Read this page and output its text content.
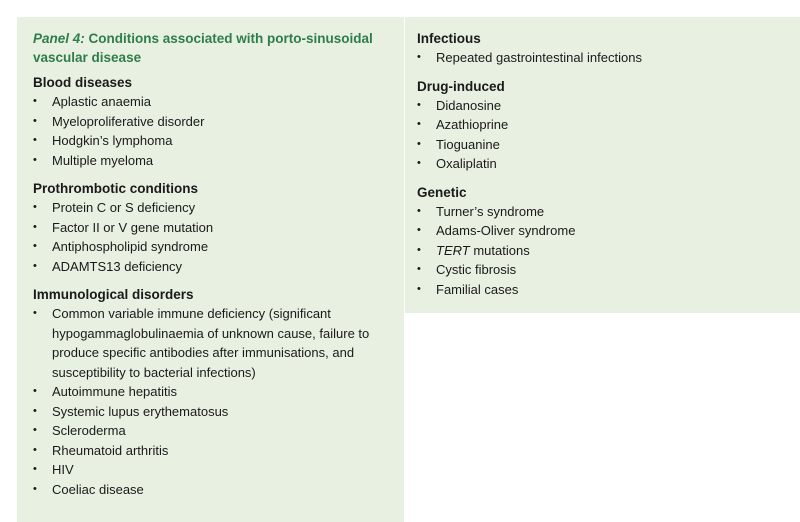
Panel 4: Conditions associated with porto-sinusoidal vascular disease
Blood diseases
• Aplastic anaemia
• Myeloproliferative disorder
• Hodgkin’s lymphoma
• Multiple myeloma
Prothrombotic conditions
• Protein C or S deficiency
• Factor II or V gene mutation
• Antiphospholipid syndrome
• ADAMTS13 deficiency
Immunological disorders
• Common variable immune deficiency (significant hypogammaglobulinaemia of unknown cause, failure to produce specific antibodies after immunisations, and susceptibility to bacterial infections)
• Autoimmune hepatitis
• Systemic lupus erythematosus
• Scleroderma
• Rheumatoid arthritis
• HIV
• Coeliac disease
Infectious
• Repeated gastrointestinal infections
Drug-induced
• Didanosine
• Azathioprine
• Tioguanine
• Oxaliplatin
Genetic
• Turner’s syndrome
• Adams-Oliver syndrome
• TERT mutations
• Cystic fibrosis
• Familial cases
